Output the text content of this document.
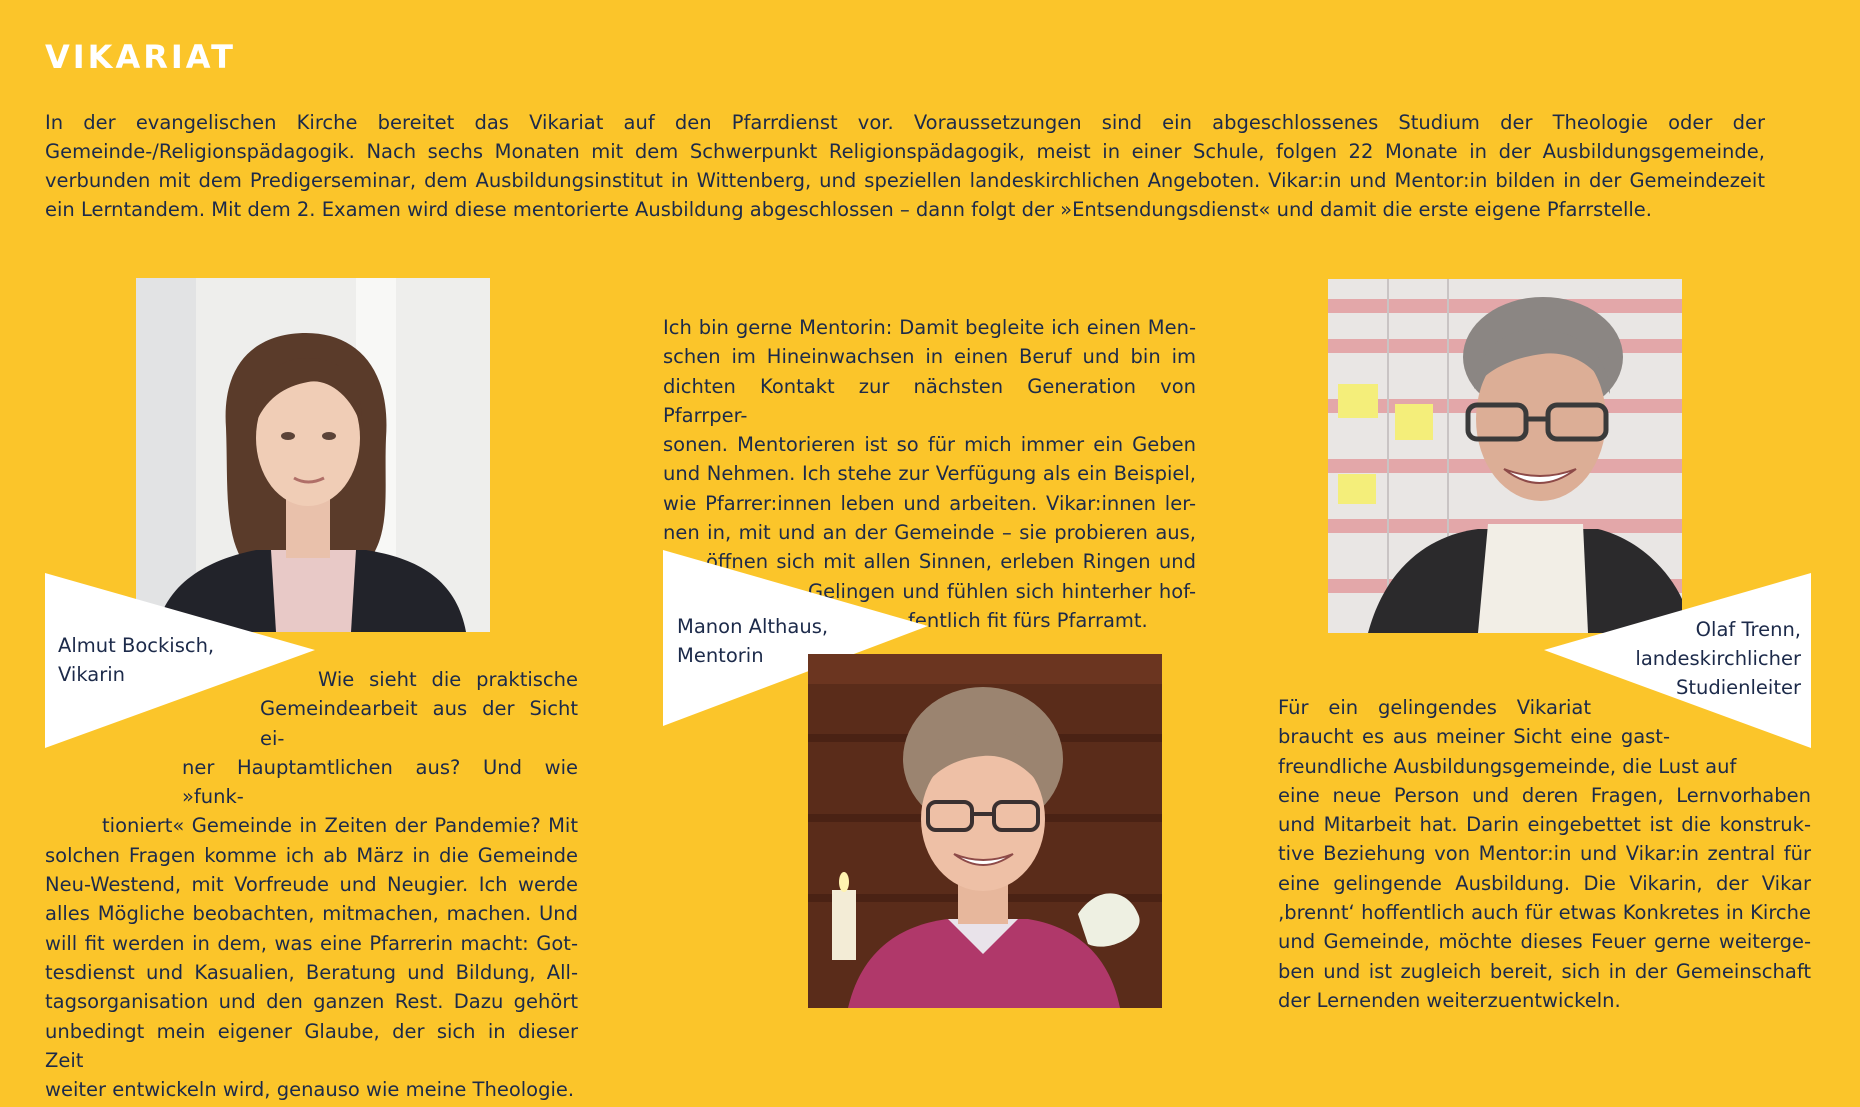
VIKARIAT

In der evangelischen Kirche bereitet das Vikariat auf den Pfarrdienst vor. Voraussetzungen sind ein abgeschlossenes Studium der Theologie oder der Gemeinde-/Religionspädagogik. Nach sechs Monaten mit dem Schwerpunkt Religionspädagogik, meist in einer Schule, folgen 22 Monate in der Ausbildungsgemeinde, verbunden mit dem Predigerseminar, dem Ausbildungsinstitut in Wittenberg, und speziellen landeskirchlichen Angeboten. Vikar:in und Mentor:in bilden in der Gemeindezeit ein Lerntandem. Mit dem 2. Examen wird diese mentorierte Ausbildung abgeschlossen – dann folgt der »Entsendungsdienst« und damit die erste eigene Pfarrstelle.

Almut Bockisch,
Vikarin	Wie sieht die praktische
Gemeindearbeit aus der Sicht ei-
ner Hauptamtlichen aus? Und wie »funk-
tioniert« Gemeinde in Zeiten der Pandemie? Mit
solchen Fragen komme ich ab März in die Gemeinde
Neu-Westend, mit Vorfreude und Neugier. Ich werde
alles Mögliche beobachten, mitmachen, machen. Und
will fit werden in dem, was eine Pfarrerin macht: Got-
tesdienst und Kasualien, Beratung und Bildung, All-
tagsorganisation und den ganzen Rest. Dazu gehört
unbedingt mein eigener Glaube, der sich in dieser Zeit
weiter entwickeln wird, genauso wie meine Theologie.
Ich bin gerne Mentorin: Damit begleite ich einen Men-
schen im Hineinwachsen in einen Beruf und bin im
dichten Kontakt zur nächsten Generation von Pfarrper-
sonen. Mentorieren ist so für mich immer ein Geben
und Nehmen. Ich stehe zur Verfügung als ein Beispiel,
wie Pfarrer:innen leben und arbeiten. Vikar:innen ler-
nen in, mit und an der Gemeinde – sie probieren aus,
öffnen sich mit allen Sinnen, erleben Ringen und
Gelingen und fühlen sich hinterher hof-
fentlich fit fürs Pfarramt.
Manon Althaus,
Mentorin
Olaf Trenn,
landeskirchlicher
Studienleiter
Für ein gelingendes Vikariat
braucht es aus meiner Sicht eine gast-
freundliche Ausbildungsgemeinde, die Lust auf
eine neue Person und deren Fragen, Lernvorhaben
und Mitarbeit hat. Darin eingebettet ist die konstruk-
tive Beziehung von Mentor:in und Vikar:in zentral für
eine gelingende Ausbildung. Die Vikarin, der Vikar
‚brennt‘ hoffentlich auch für etwas Konkretes in Kirche
und Gemeinde, möchte dieses Feuer gerne weiterge-
ben und ist zugleich bereit, sich in der Gemeinschaft
der Lernenden weiterzuentwickeln.
